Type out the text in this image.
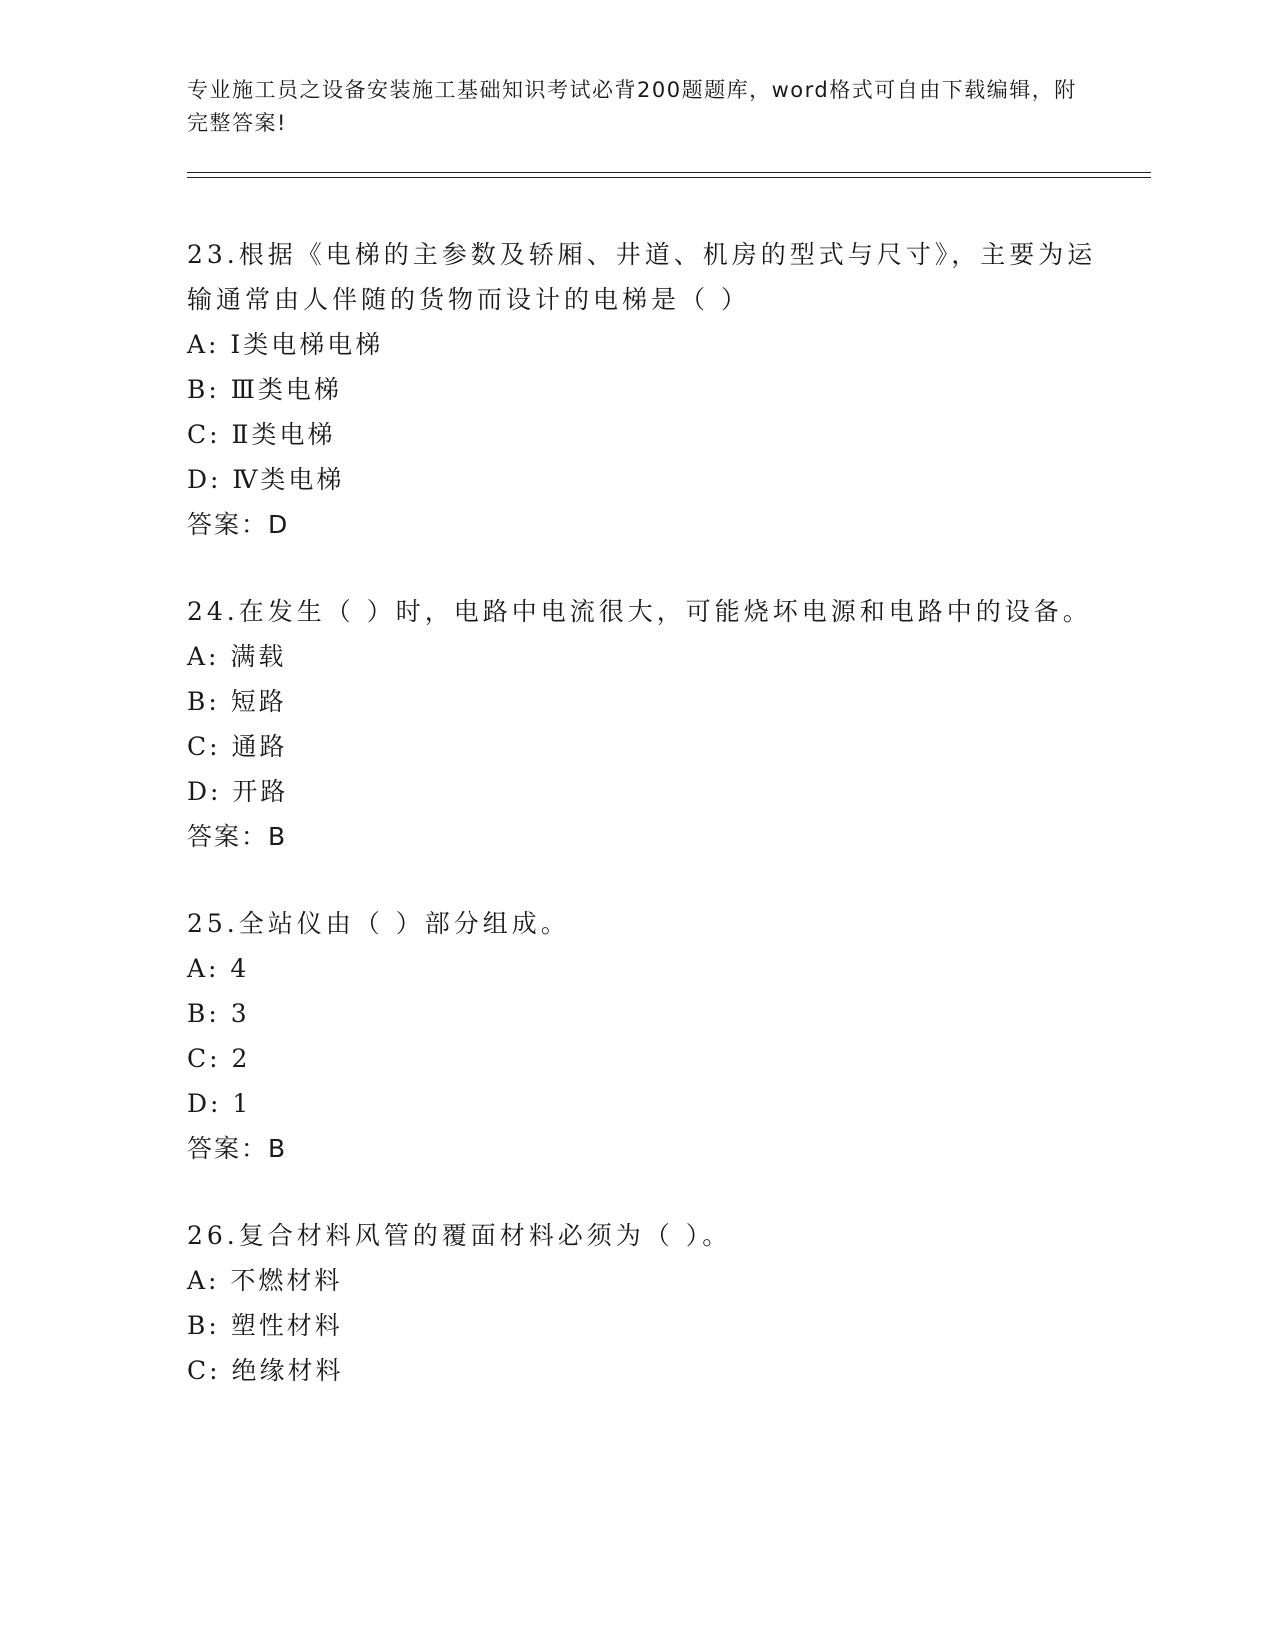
专业施工员之设备安装施工基础知识考试必背200题题库，word格式可自由下载编辑，附完整答案!
23.根据《电梯的主参数及轿厢、井道、机房的型式与尺寸》，主要为运输通常由人伴随的货物而设计的电梯是（ ）
A: Ⅰ类电梯电梯
B: Ⅲ类电梯
C: Ⅱ类电梯
D: Ⅳ类电梯
答案：D
24.在发生（ ）时，电路中电流很大，可能烧坏电源和电路中的设备。
A: 满载
B: 短路
C: 通路
D: 开路
答案：B
25.全站仪由（ ）部分组成。
A: 4
B: 3
C: 2
D: 1
答案：B
26.复合材料风管的覆面材料必须为（ ）。
A: 不燃材料
B: 塑性材料
C: 绝缘材料
